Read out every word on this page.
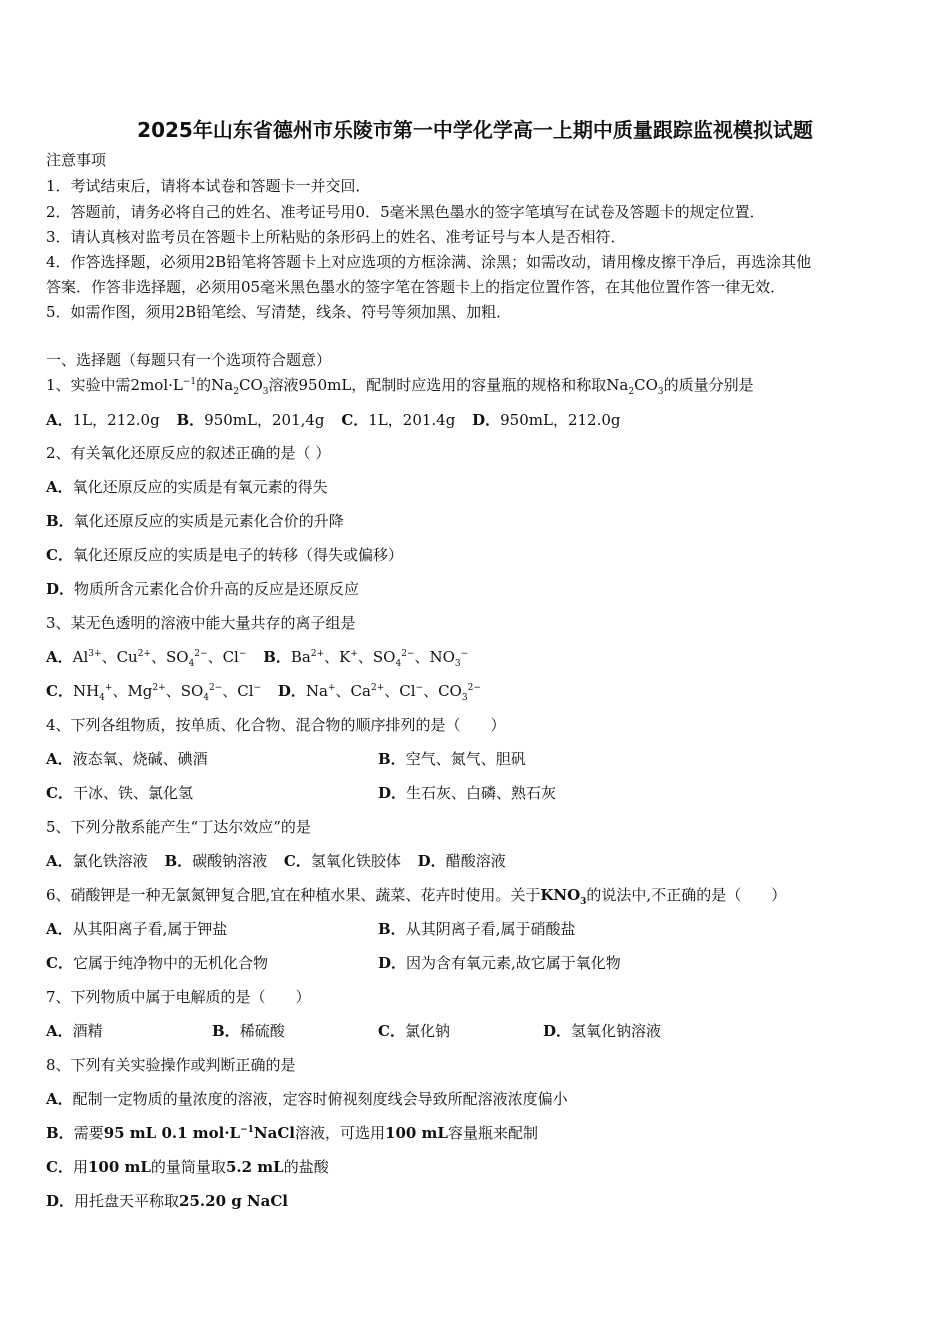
2025年山东省德州市乐陵市第一中学化学高一上期中质量跟踪监视模拟试题
注意事项
1．考试结束后，请将本试卷和答题卡一并交回．
2．答题前，请务必将自己的姓名、准考证号用0．5毫米黑色墨水的签字笔填写在试卷及答题卡的规定位置．
3．请认真核对监考员在答题卡上所粘贴的条形码上的姓名、准考证号与本人是否相符．
4．作答选择题，必须用2B铅笔将答题卡上对应选项的方框涂满、涂黑；如需改动，请用橡皮擦干净后，再选涂其他
答案．作答非选择题，必须用05毫米黑色墨水的签字笔在答题卡上的指定位置作答，在其他位置作答一律无效．
5．如需作图，须用2B铅笔绘、写清楚，线条、符号等须加黑、加粗．
一、选择题（每题只有一个选项符合题意）
1、实验中需$2mol\cdot L^{-1}$的$Na_2CO_3$溶液950mL，配制时应选用的容量瓶的规格和称取$Na_2CO_3$的质量分别是
A．1L，212.0g B．950mL，201,4g C．1L，201.4g D．950mL，212.0g
2、有关氧化还原反应的叙述正确的是（ ）
A．氧化还原反应的实质是有氧元素的得失
B．氧化还原反应的实质是元素化合价的升降
C．氧化还原反应的实质是电子的转移（得失或偏移）
D．物质所含元素化合价升高的反应是还原反应
3、某无色透明的溶液中能大量共存的离子组是
A．$Al^{3+}$、$Cu^{2+}$、$SO_4^{2-}$、Cl− B．$Ba^{2+}$、K+、$SO_4^{2-}$、$NO_3^-$
C．$NH_4^+$、$Mg^{2+}$、$SO_4^{2-}$、Cl− D．Na+、$Ca^{2+}$、Cl−、$CO_3^{2-}$
4、下列各组物质，按单质、化合物、混合物的顺序排列的是（　　）
A．液态氧、烧碱、碘酒	B．空气、氮气、胆矾
C．干冰、铁、氯化氢	D．生石灰、白磷、熟石灰
5、下列分散系能产生“丁达尔效应”的是
A．氯化铁溶液 B．碳酸钠溶液 C．氢氧化铁胶体 D．醋酸溶液
6、硝酸钾是一种无氯氮钾复合肥,宜在种植水果、蔬菜、花卉时使用。关于$KNO_3$的说法中,不正确的是（　　）
A．从其阳离子看,属于钾盐	B．从其阴离子看,属于硝酸盐
C．它属于纯净物中的无机化合物	D．因为含有氧元素,故它属于氧化物
7、下列物质中属于电解质的是（　　）
A．酒精	B．稀硫酸	C．氯化钠	D．氢氧化钠溶液
8、下列有关实验操作或判断正确的是
A．配制一定物质的量浓度的溶液，定容时俯视刻度线会导致所配溶液浓度偏小
B．需要95 mL 0.1 $mol\cdot L^{-1}NaCl$溶液，可选用100 mL容量瓶来配制
C．用100 mL的量筒量取5.2 mL的盐酸
D．用托盘天平称取25.20 g NaCl
